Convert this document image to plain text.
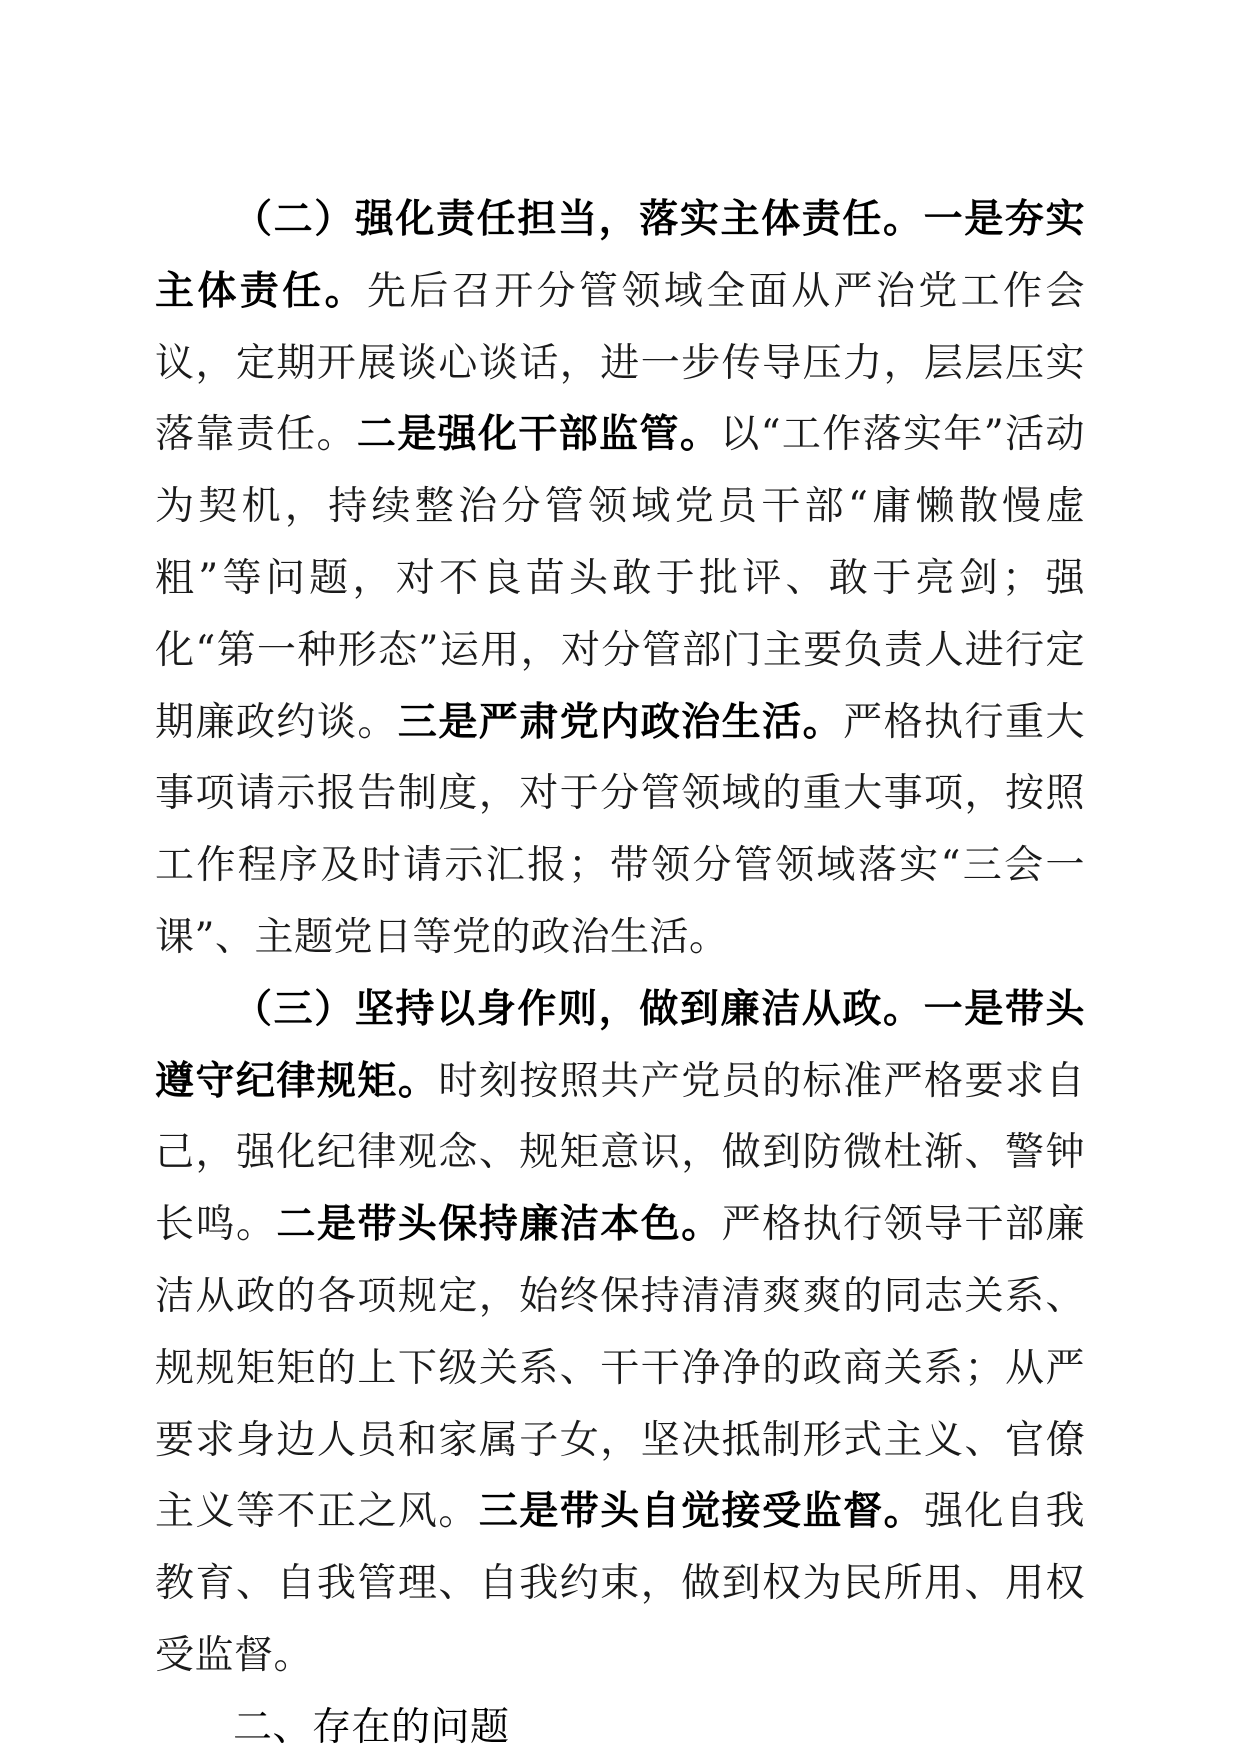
（二）强化责任担当，落实主体责任。一是夯实主体责任。先后召开分管领域全面从严治党工作会议，定期开展谈心谈话，进一步传导压力，层层压实落靠责任。二是强化干部监管。以“工作落实年”活动为契机，持续整治分管领域党员干部“庸懒散慢虚粗”等问题，对不良苗头敢于批评、敢于亮剑；强化“第一种形态”运用，对分管部门主要负责人进行定期廉政约谈。三是严肃党内政治生活。严格执行重大事项请示报告制度，对于分管领域的重大事项，按照工作程序及时请示汇报；带领分管领域落实“三会一课”、主题党日等党的政治生活。

（三）坚持以身作则，做到廉洁从政。一是带头遵守纪律规矩。时刻按照共产党员的标准严格要求自己，强化纪律观念、规矩意识，做到防微杜渐、警钟长鸣。二是带头保持廉洁本色。严格执行领导干部廉洁从政的各项规定，始终保持清清爽爽的同志关系、规规矩矩的上下级关系、干干净净的政商关系；从严要求身边人员和家属子女，坚决抵制形式主义、官僚主义等不正之风。三是带头自觉接受监督。强化自我教育、自我管理、自我约束，做到权为民所用、用权受监督。

二、存在的问题
